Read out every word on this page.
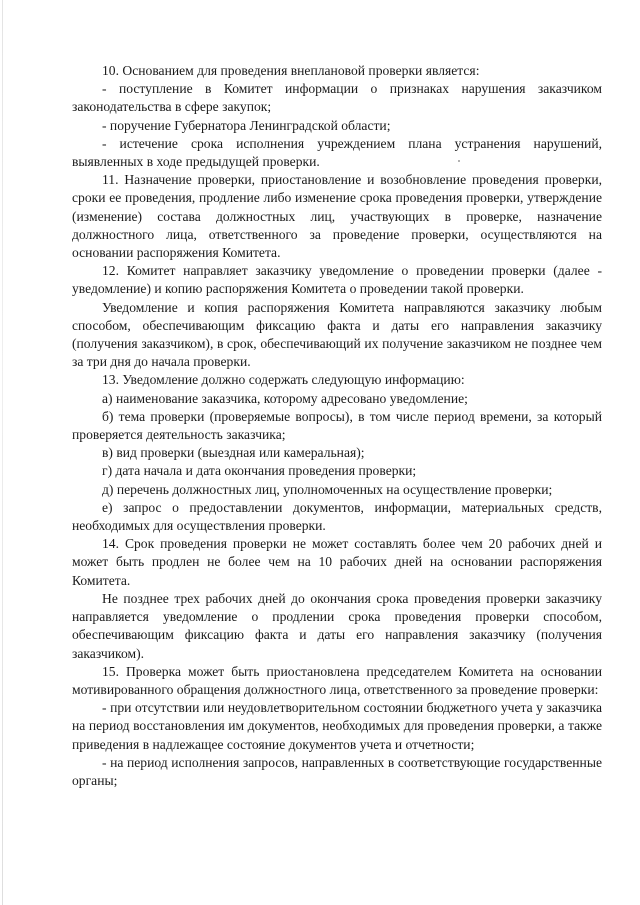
10. Основанием для проведения внеплановой проверки является:

- поступление в Комитет информации о признаках нарушения заказчиком законодательства в сфере закупок;

- поручение Губернатора Ленинградской области;

- истечение срока исполнения учреждением плана устранения нарушений, выявленных в ходе предыдущей проверки.

11. Назначение проверки, приостановление и возобновление проведения проверки, сроки ее проведения, продление либо изменение срока проведения проверки, утверждение (изменение) состава должностных лиц, участвующих в проверке, назначение должностного лица, ответственного за проведение проверки, осуществляются на основании распоряжения Комитета.

12. Комитет направляет заказчику уведомление о проведении проверки (далее - уведомление) и копию распоряжения Комитета о проведении такой проверки.

Уведомление и копия распоряжения Комитета направляются заказчику любым способом, обеспечивающим фиксацию факта и даты его направления заказчику (получения заказчиком), в срок, обеспечивающий их получение заказчиком не позднее чем за три дня до начала проверки.

13. Уведомление должно содержать следующую информацию:

а) наименование заказчика, которому адресовано уведомление;

б) тема проверки (проверяемые вопросы), в том числе период времени, за который проверяется деятельность заказчика;

в) вид проверки (выездная или камеральная);

г) дата начала и дата окончания проведения проверки;

д) перечень должностных лиц, уполномоченных на осуществление проверки;

е) запрос о предоставлении документов, информации, материальных средств, необходимых для осуществления проверки.

14. Срок проведения проверки не может составлять более чем 20 рабочих дней и может быть продлен не более чем на 10 рабочих дней на основании распоряжения Комитета.

Не позднее трех рабочих дней до окончания срока проведения проверки заказчику направляется уведомление о продлении срока проведения проверки способом, обеспечивающим фиксацию факта и даты его направления заказчику (получения заказчиком).

15. Проверка может быть приостановлена председателем Комитета на основании мотивированного обращения должностного лица, ответственного за проведение проверки:

- при отсутствии или неудовлетворительном состоянии бюджетного учета у заказчика на период восстановления им документов, необходимых для проведения проверки, а также приведения в надлежащее состояние документов учета и отчетности;

- на период исполнения запросов, направленных в соответствующие государственные органы;
